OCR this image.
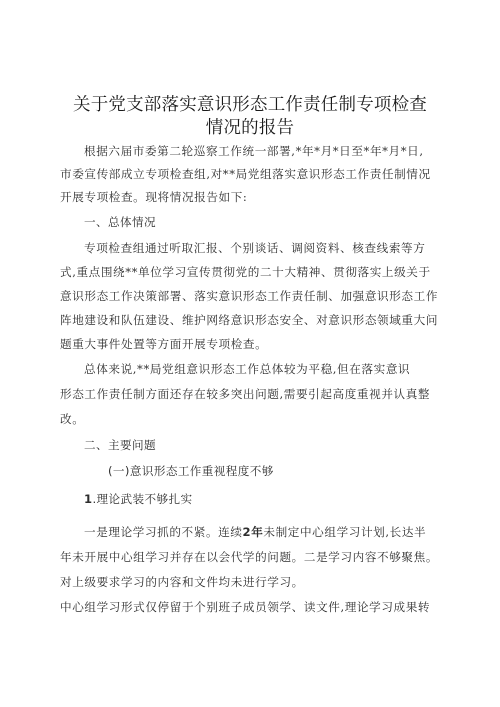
关于党支部落实意识形态工作责任制专项检查
情况的报告

根据六届市委第二轮巡察工作统一部署,*年*月*日至*年*月*日,

市委宣传部成立专项检查组,对**局党组落实意识形态工作责任制情况

开展专项检查。现将情况报告如下:

一、总体情况

专项检查组通过听取汇报、个别谈话、调阅资料、核查线索等方

式,重点围绕**单位学习宣传贯彻党的二十大精神、贯彻落实上级关于

意识形态工作决策部署、落实意识形态工作责任制、加强意识形态工作

阵地建设和队伍建设、维护网络意识形态安全、对意识形态领域重大问

题重大事件处置等方面开展专项检查。

总体来说,**局党组意识形态工作总体较为平稳,但在落实意识

形态工作责任制方面还存在较多突出问题,需要引起高度重视并认真整

改。

二、主要问题

(一)意识形态工作重视程度不够

1.理论武装不够扎实

一是理论学习抓的不紧。连续2年未制定中心组学习计划,长达半

年未开展中心组学习并存在以会代学的问题。二是学习内容不够聚焦。

对上级要求学习的内容和文件均未进行学习。

中心组学习形式仅停留于个别班子成员领学、读文件,理论学习成果转
